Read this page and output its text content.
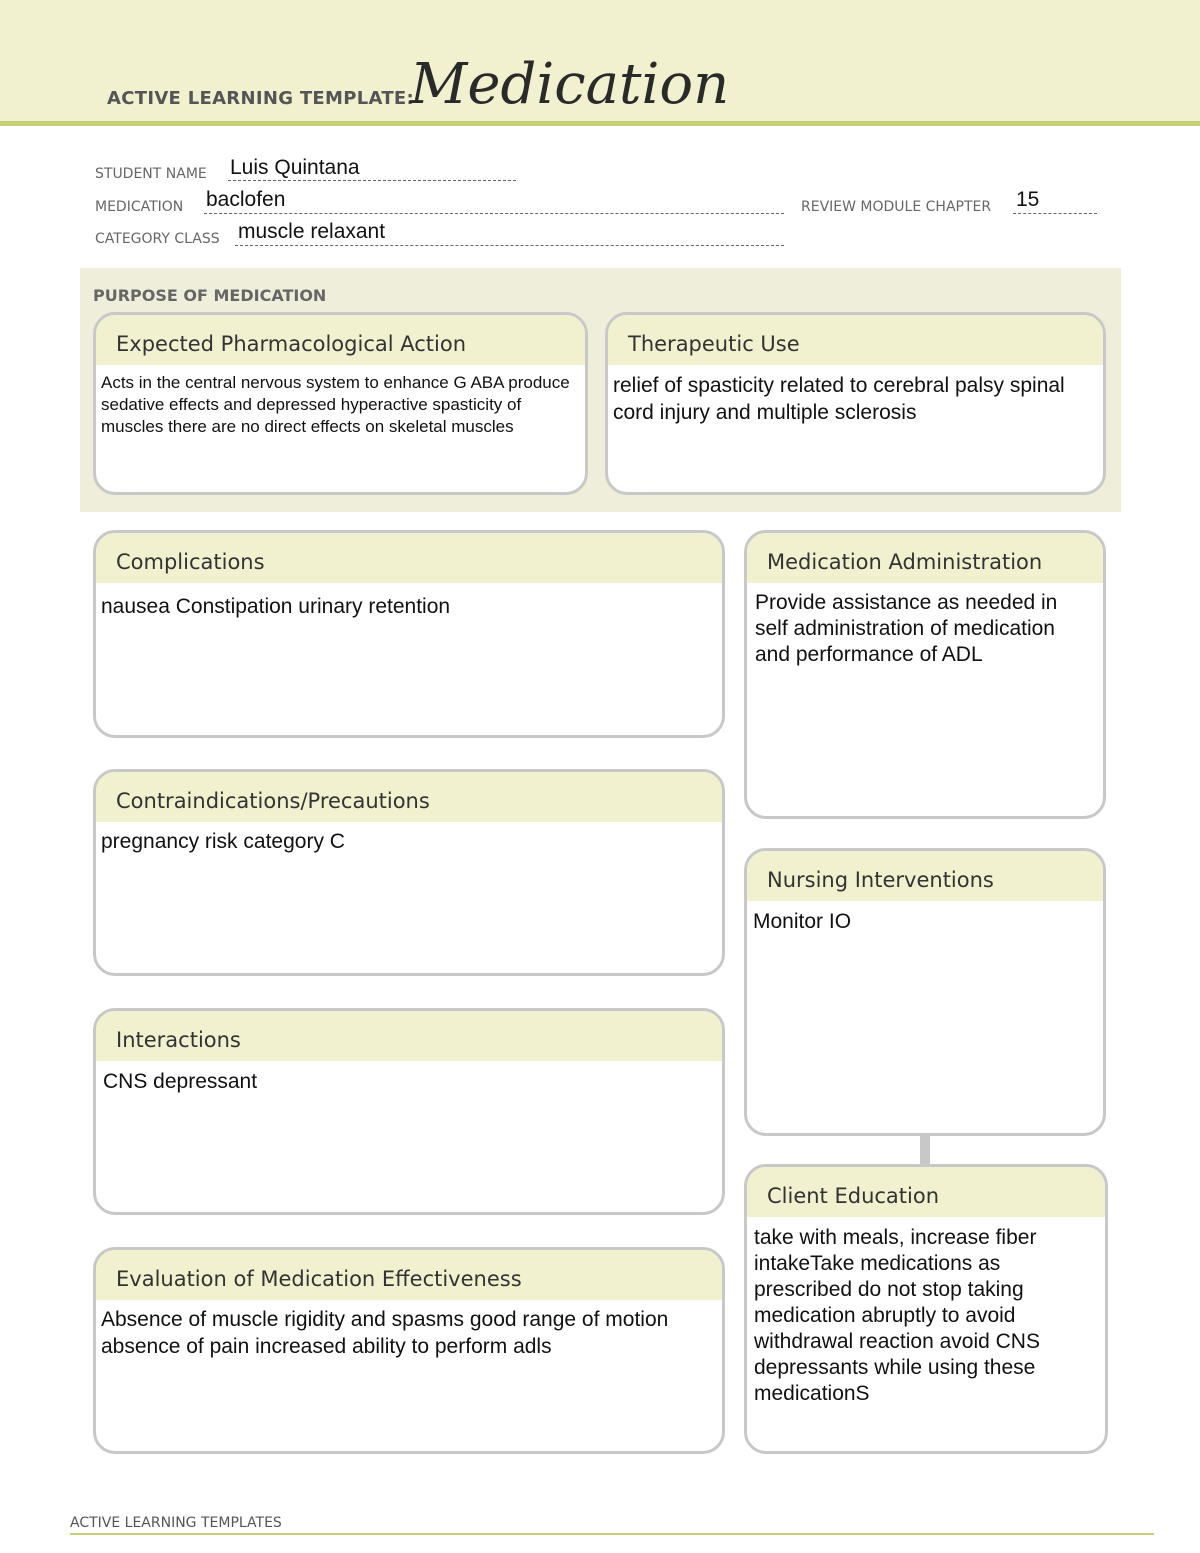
ACTIVE LEARNING TEMPLATE:
Medication
STUDENT NAME Luis Quintana
MEDICATION baclofen	REVIEW MODULE CHAPTER 15
CATEGORY CLASS muscle relaxant
PURPOSE OF MEDICATION
Expected Pharmacological Action
Acts in the central nervous system to enhance G ABA produce sedative effects and depressed hyperactive spasticity of muscles there are no direct effects on skeletal muscles
Therapeutic Use
relief of spasticity related to cerebral palsy spinal cord injury and multiple sclerosis
Complications
nausea Constipation urinary retention
Contraindications/Precautions
pregnancy risk category C
Interactions
CNS depressant
Evaluation of Medication Effectiveness
Absence of muscle rigidity and spasms good range of motion absence of pain increased ability to perform adls
Medication Administration
Provide assistance as needed in self administration of medication and performance of ADL
Nursing Interventions
Monitor IO
Client Education
take with meals, increase fiber intakeTake medications as prescribed do not stop taking medication abruptly to avoid withdrawal reaction avoid CNS depressants while using these medicationS
ACTIVE LEARNING TEMPLATES
